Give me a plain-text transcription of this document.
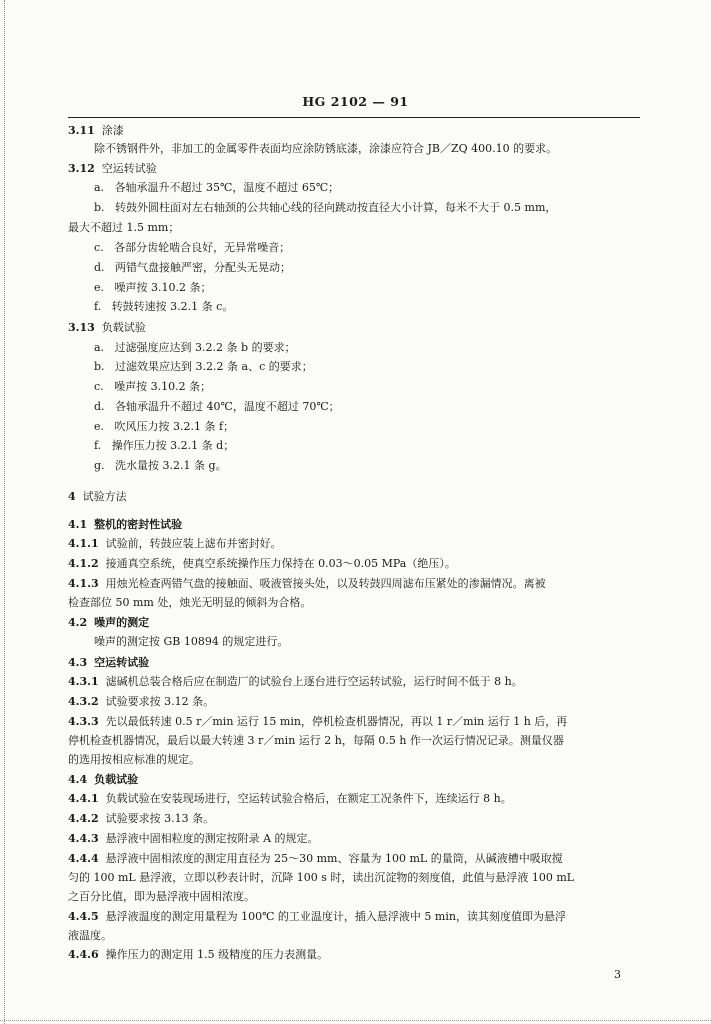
HG 2102 — 91
3.11 涂漆
除不锈钢件外，非加工的金属零件表面均应涂防锈底漆，涂漆应符合 JB／ZQ 400.10 的要求。
3.12 空运转试验
a. 各轴承温升不超过 35℃，温度不超过 65℃；
b. 转鼓外圆柱面对左右轴颈的公共轴心线的径向跳动按直径大小计算，每米不大于 0.5 mm，
最大不超过 1.5 mm；
c. 各部分齿轮啮合良好，无异常噪音；
d. 两错气盘接触严密，分配头无晃动；
e. 噪声按 3.10.2 条；
f. 转鼓转速按 3.2.1 条 c。
3.13 负载试验
a. 过滤强度应达到 3.2.2 条 b 的要求；
b. 过滤效果应达到 3.2.2 条 a、c 的要求；
c. 噪声按 3.10.2 条；
d. 各轴承温升不超过 40℃，温度不超过 70℃；
e. 吹风压力按 3.2.1 条 f；
f. 操作压力按 3.2.1 条 d；
g. 洗水量按 3.2.1 条 g。
4 试验方法
4.1 整机的密封性试验
4.1.1 试验前，转鼓应装上滤布并密封好。
4.1.2 接通真空系统，使真空系统操作压力保持在 0.03～0.05 MPa（绝压）。
4.1.3 用烛光检查两错气盘的接触面、吸液管接头处，以及转鼓四周滤布压紧处的渗漏情况。离被
检查部位 50 mm 处，烛光无明显的倾斜为合格。
4.2 噪声的测定
噪声的测定按 GB 10894 的规定进行。
4.3 空运转试验
4.3.1 滤碱机总装合格后应在制造厂的试验台上逐台进行空运转试验，运行时间不低于 8 h。
4.3.2 试验要求按 3.12 条。
4.3.3 先以最低转速 0.5 r／min 运行 15 min，停机检查机器情况，再以 1 r／min 运行 1 h 后，再
停机检查机器情况，最后以最大转速 3 r／min 运行 2 h，每隔 0.5 h 作一次运行情况记录。测量仪器
的选用按相应标准的规定。
4.4 负载试验
4.4.1 负载试验在安装现场进行，空运转试验合格后，在额定工况条件下，连续运行 8 h。
4.4.2 试验要求按 3.13 条。
4.4.3 悬浮液中固相粒度的测定按附录 A 的规定。
4.4.4 悬浮液中固相浓度的测定用直径为 25～30 mm、容量为 100 mL 的量筒，从碱液槽中吸取搅
匀的 100 mL 悬浮液，立即以秒表计时，沉降 100 s 时，读出沉淀物的刻度值，此值与悬浮液 100 mL
之百分比值，即为悬浮液中固相浓度。
4.4.5 悬浮液温度的测定用量程为 100℃ 的工业温度计，插入悬浮液中 5 min，读其刻度值即为悬浮
液温度。
4.4.6 操作压力的测定用 1.5 级精度的压力表测量。
3
